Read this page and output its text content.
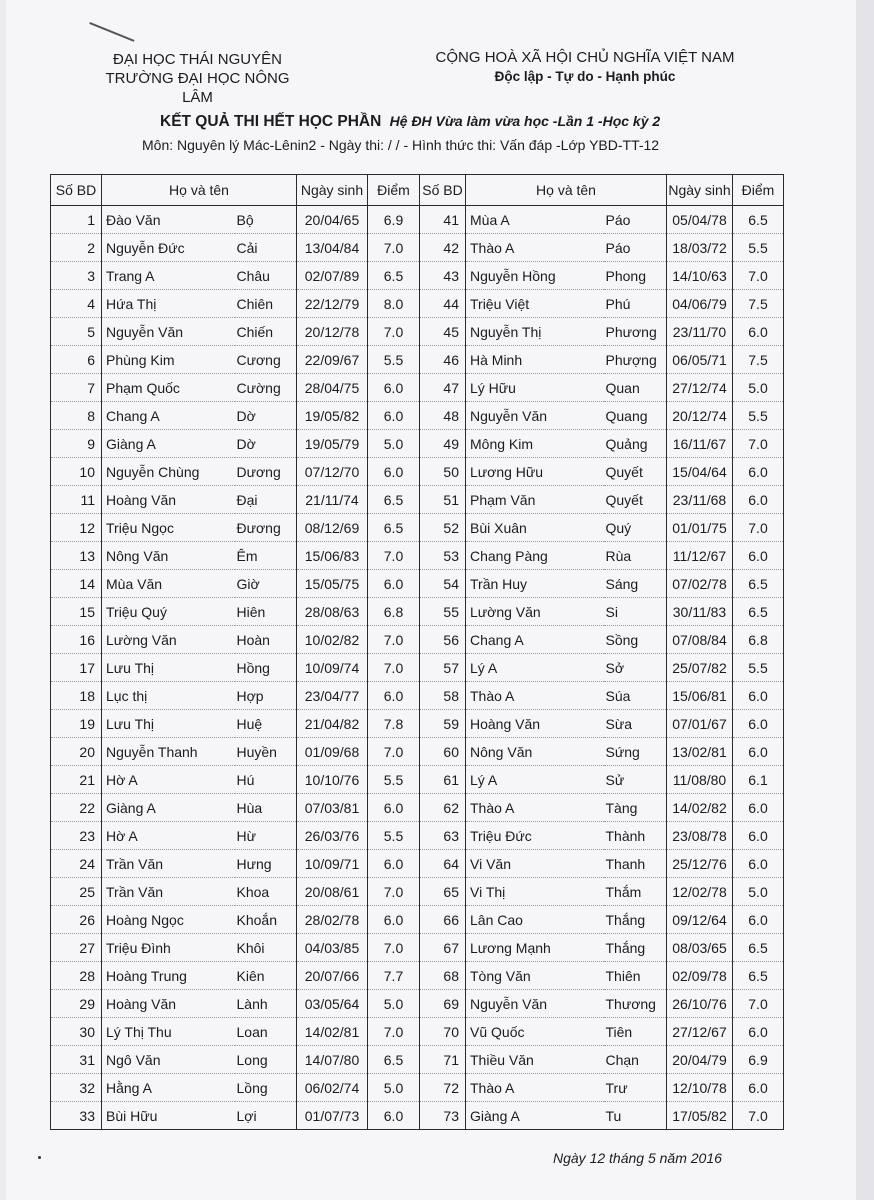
ĐẠI HỌC THÁI NGUYÊN
TRƯỜNG ĐẠI HỌC NÔNG LÂM
CỘNG HOÀ XÃ HỘI CHỦ NGHĨA VIỆT NAM
Độc lập - Tự do - Hạnh phúc
KẾT QUẢ THI HẾT HỌC PHẦN Hệ ĐH Vừa làm vừa học -Lần 1 -Học kỳ 2
Môn: Nguyên lý Mác-Lênin2 - Ngày thi: / / - Hình thức thi: Vấn đáp -Lớp YBD-TT-12
Số BD	Họ và tên		Ngày sinh	Điểm	Số BD	Họ và tên		Ngày sinh	Điểm
1	Đào Văn	Bộ	20/04/65	6.9	41	Mùa A	Páo	05/04/78	6.5
2	Nguyễn Đức	Cải	13/04/84	7.0	42	Thào A	Páo	18/03/72	5.5
3	Trang A	Châu	02/07/89	6.5	43	Nguyễn Hồng	Phong	14/10/63	7.0
4	Hứa Thị	Chiên	22/12/79	8.0	44	Triệu Việt	Phú	04/06/79	7.5
5	Nguyễn Văn	Chiến	20/12/78	7.0	45	Nguyễn Thị	Phương	23/11/70	6.0
6	Phùng Kim	Cương	22/09/67	5.5	46	Hà Minh	Phượng	06/05/71	7.5
7	Phạm Quốc	Cường	28/04/75	6.0	47	Lý Hữu	Quan	27/12/74	5.0
8	Chang A	Dờ	19/05/82	6.0	48	Nguyễn Văn	Quang	20/12/74	5.5
9	Giàng A	Dờ	19/05/79	5.0	49	Mông Kim	Quảng	16/11/67	7.0
10	Nguyễn Chùng	Dương	07/12/70	6.0	50	Lương Hữu	Quyết	15/04/64	6.0
11	Hoàng Văn	Đại	21/11/74	6.5	51	Phạm Văn	Quyết	23/11/68	6.0
12	Triệu Ngọc	Đương	08/12/69	6.5	52	Bùi Xuân	Quý	01/01/75	7.0
13	Nông Văn	Êm	15/06/83	7.0	53	Chang Pàng	Rùa	11/12/67	6.0
14	Mùa Văn	Giờ	15/05/75	6.0	54	Trần Huy	Sáng	07/02/78	6.5
15	Triệu Quý	Hiên	28/08/63	6.8	55	Lường Văn	Si	30/11/83	6.5
16	Lường Văn	Hoàn	10/02/82	7.0	56	Chang A	Sồng	07/08/84	6.8
17	Lưu Thị	Hồng	10/09/74	7.0	57	Lý A	Sở	25/07/82	5.5
18	Lục thị	Hợp	23/04/77	6.0	58	Thào A	Súa	15/06/81	6.0
19	Lưu Thị	Huệ	21/04/82	7.8	59	Hoàng Văn	Sừa	07/01/67	6.0
20	Nguyễn Thanh	Huyền	01/09/68	7.0	60	Nông Văn	Sứng	13/02/81	6.0
21	Hờ A	Hú	10/10/76	5.5	61	Lý A	Sử	11/08/80	6.1
22	Giàng A	Hùa	07/03/81	6.0	62	Thào A	Tàng	14/02/82	6.0
23	Hờ A	Hừ	26/03/76	5.5	63	Triệu Đức	Thành	23/08/78	6.0
24	Trần Văn	Hưng	10/09/71	6.0	64	Vi Văn	Thanh	25/12/76	6.0
25	Trần Văn	Khoa	20/08/61	7.0	65	Vi Thị	Thắm	12/02/78	5.0
26	Hoàng Ngọc	Khoắn	28/02/78	6.0	66	Lân Cao	Thắng	09/12/64	6.0
27	Triệu Đình	Khôi	04/03/85	7.0	67	Lương Mạnh	Thắng	08/03/65	6.5
28	Hoàng Trung	Kiên	20/07/66	7.7	68	Tòng Văn	Thiên	02/09/78	6.5
29	Hoàng Văn	Lành	03/05/64	5.0	69	Nguyễn Văn	Thương	26/10/76	7.0
30	Lý Thị Thu	Loan	14/02/81	7.0	70	Vũ Quốc	Tiên	27/12/67	6.0
31	Ngô Văn	Long	14/07/80	6.5	71	Thiều Văn	Chạn	20/04/79	6.9
32	Hằng A	Lồng	06/02/74	5.0	72	Thào A	Trư	12/10/78	6.0
33	Bùi Hữu	Lợi	01/07/73	6.0	73	Giàng A	Tu	17/05/82	7.0
Ngày 12 tháng 5 năm 2016
